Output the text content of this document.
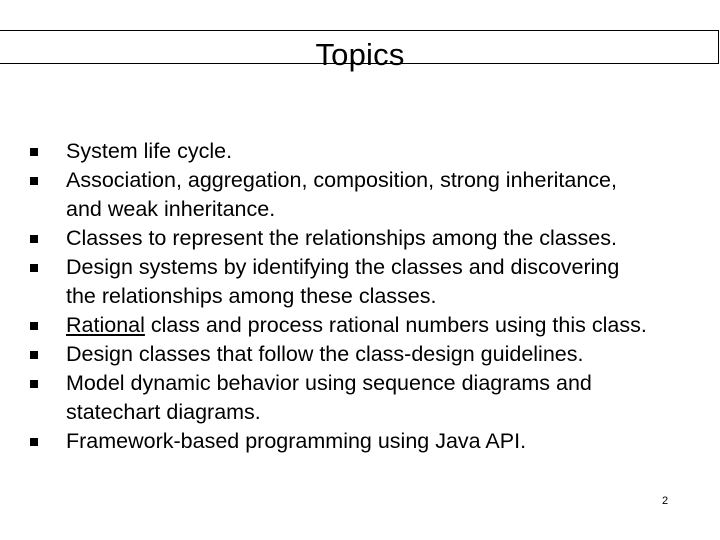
Topics
System life cycle.
Association, aggregation, composition, strong inheritance,
and weak inheritance.
Classes to represent the relationships among the classes.
Design systems by identifying the classes and discovering
the relationships among these classes.
Rational class and process rational numbers using this class.
Design classes that follow the class-design guidelines.
Model dynamic behavior using sequence diagrams and
statechart diagrams.
Framework-based programming using Java API.
2
